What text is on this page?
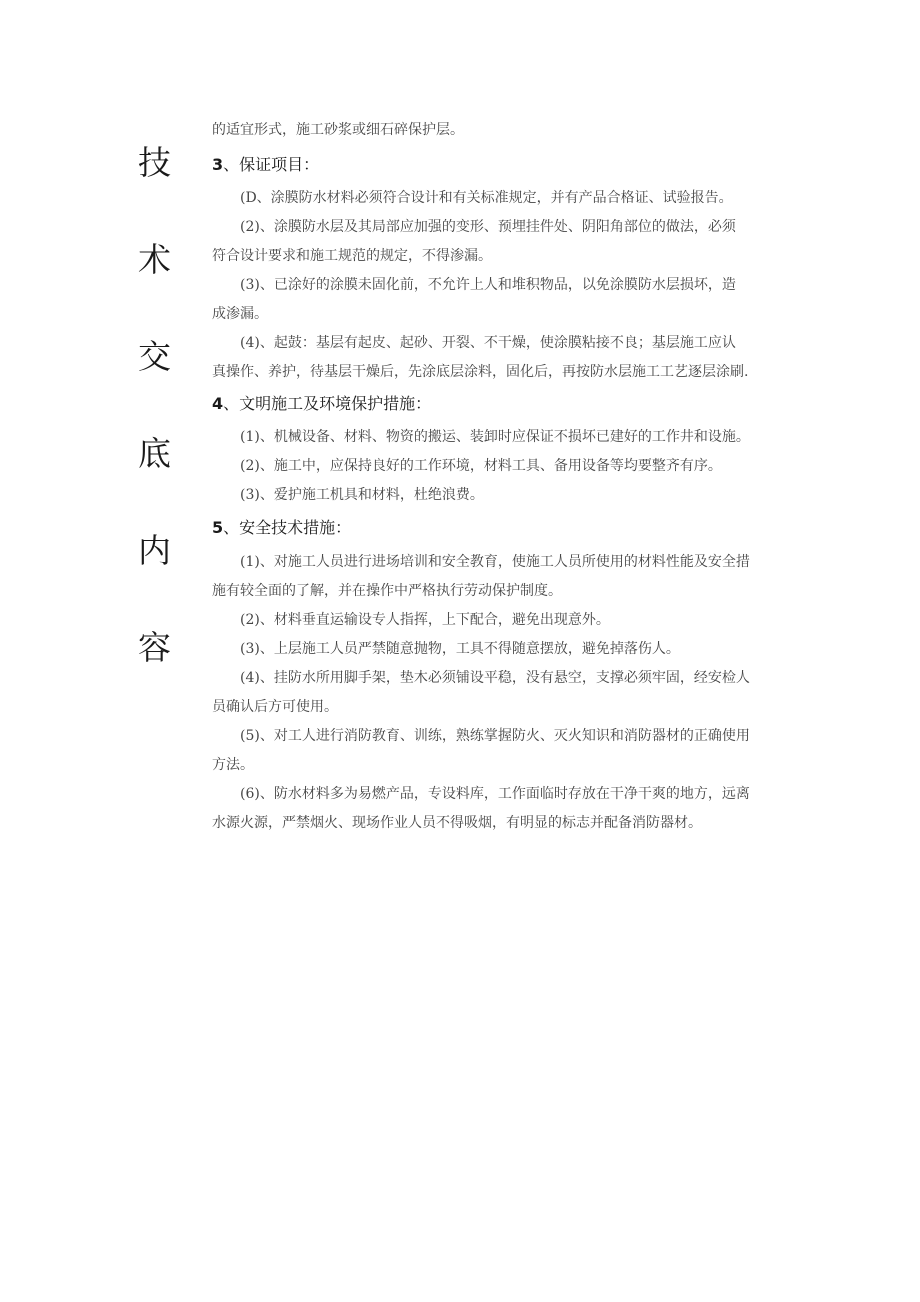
技
术
交
底
内
容
的适宜形式，施工砂浆或细石碎保护层。
3、保证项目：
(D、涂膜防水材料必须符合设计和有关标准规定，并有产品合格证、试验报告。
(2)、涂膜防水层及其局部应加强的变形、预埋挂件处、阴阳角部位的做法，必须
符合设计要求和施工规范的规定，不得渗漏。
(3)、已涂好的涂膜未固化前，不允许上人和堆积物品，以免涂膜防水层损坏，造
成渗漏。
(4)、起鼓：基层有起皮、起砂、开裂、不干燥，使涂膜粘接不良；基层施工应认
真操作、养护，待基层干燥后，先涂底层涂料，固化后，再按防水层施工工艺逐层涂刷.
4、文明施工及环境保护措施：
(1)、机械设备、材料、物资的搬运、装卸时应保证不损坏已建好的工作井和设施。
(2)、施工中，应保持良好的工作环境，材料工具、备用设备等均要整齐有序。
(3)、爱护施工机具和材料，杜绝浪费。
5、安全技术措施：
(1)、对施工人员进行进场培训和安全教育，使施工人员所使用的材料性能及安全措
施有较全面的了解，并在操作中严格执行劳动保护制度。
(2)、材料垂直运输设专人指挥，上下配合，避免出现意外。
(3)、上层施工人员严禁随意抛物，工具不得随意摆放，避免掉落伤人。
(4)、挂防水所用脚手架，垫木必须铺设平稳，没有悬空，支撑必须牢固，经安检人
员确认后方可使用。
(5)、对工人进行消防教育、训练，熟练掌握防火、灭火知识和消防器材的正确使用
方法。
(6)、防水材料多为易燃产品，专设料库，工作面临时存放在干净干爽的地方，远离
水源火源，严禁烟火、现场作业人员不得吸烟，有明显的标志并配备消防器材。
